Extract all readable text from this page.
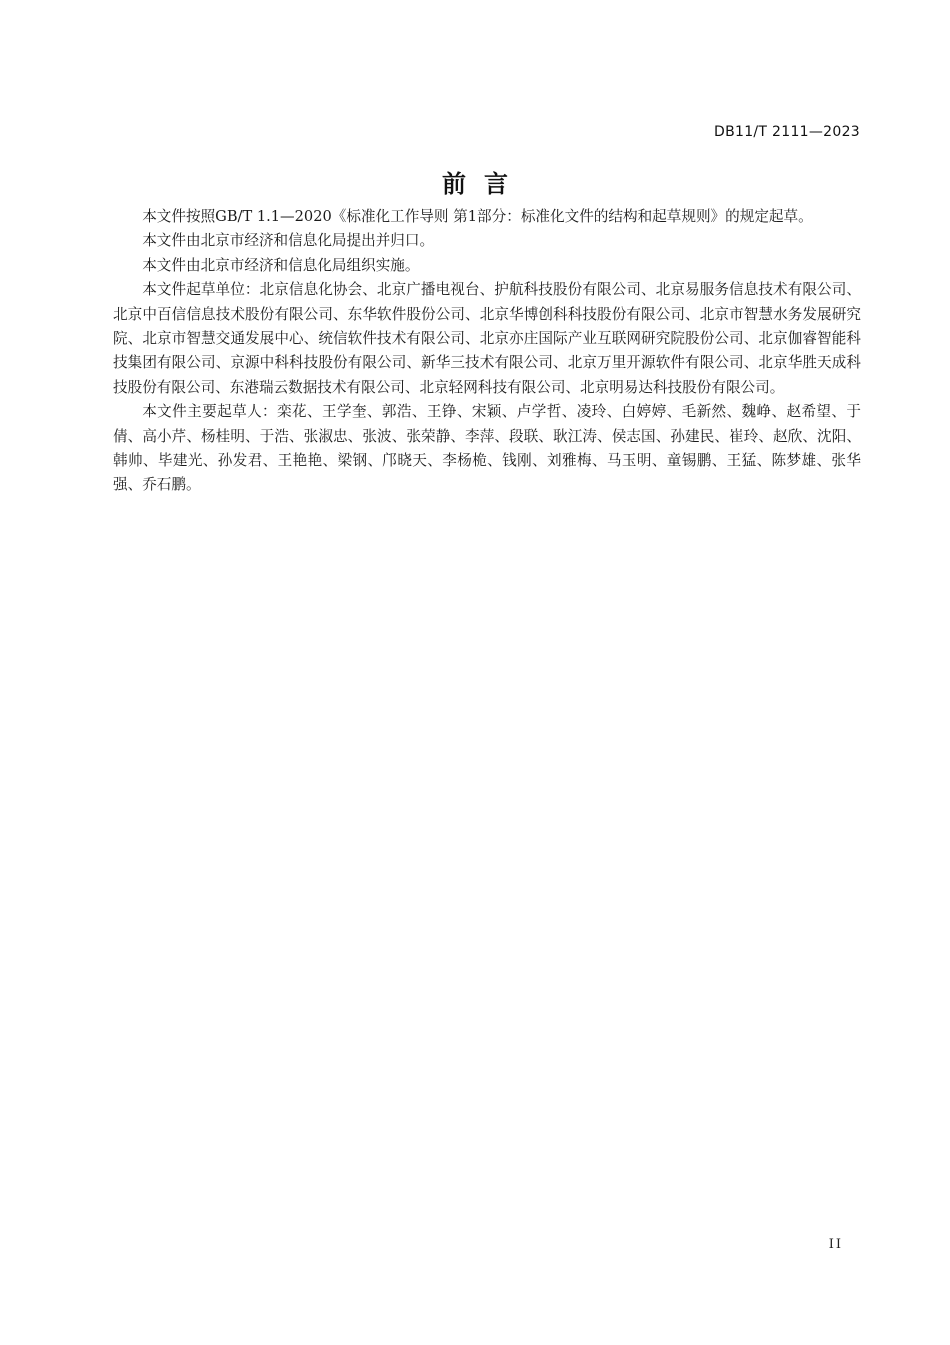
DB11/T 2111—2023
前言

本文件按照GB/T 1.1—2020《标准化工作导则 第1部分：标准化文件的结构和起草规则》的规定起草。

本文件由北京市经济和信息化局提出并归口。

本文件由北京市经济和信息化局组织实施。

本文件起草单位：北京信息化协会、北京广播电视台、护航科技股份有限公司、北京易服务信息技术有限公司、北京中百信信息技术股份有限公司、东华软件股份公司、北京华博创科科技股份有限公司、北京市智慧水务发展研究院、北京市智慧交通发展中心、统信软件技术有限公司、北京亦庄国际产业互联网研究院股份公司、北京伽睿智能科技集团有限公司、京源中科科技股份有限公司、新华三技术有限公司、北京万里开源软件有限公司、北京华胜天成科技股份有限公司、东港瑞云数据技术有限公司、北京轻网科技有限公司、北京明易达科技股份有限公司。

本文件主要起草人：栾花、王学奎、郭浩、王铮、宋颖、卢学哲、凌玲、白婷婷、毛新然、魏峥、赵希望、于倩、高小芹、杨桂明、于浩、张淑忠、张波、张荣静、李萍、段联、耿江涛、侯志国、孙建民、崔玲、赵欣、沈阳、韩帅、毕建光、孙发君、王艳艳、梁钢、邝晓天、李杨桅、钱刚、刘雅梅、马玉明、童锡鹏、王猛、陈梦雄、张华强、乔石鹏。

II
